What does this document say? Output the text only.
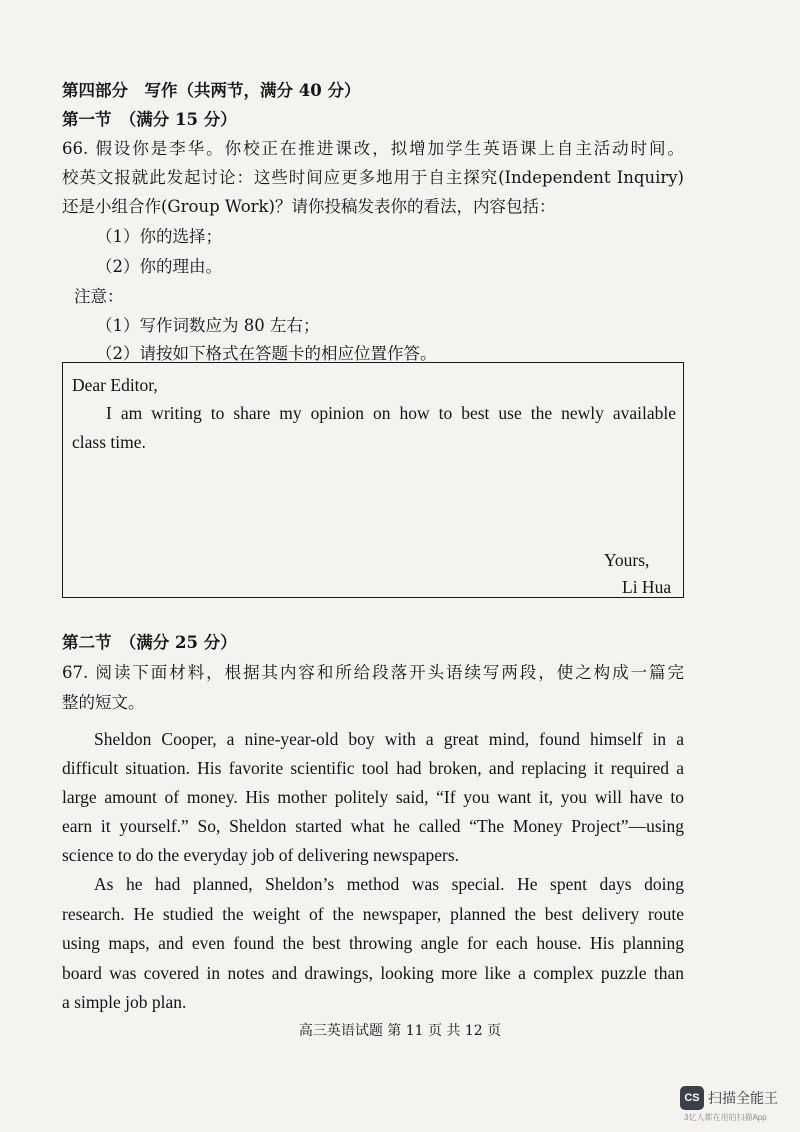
第四部分　写作（共两节，满分 40 分）
第一节　（满分 15 分）
66. 假设你是李华。你校正在推进课改，拟增加学生英语课上自主活动时间。
校英文报就此发起讨论：这些时间应更多地用于自主探究(Independent Inquiry)
还是小组合作(Group Work)？请你投稿发表你的看法，内容包括：
（1）你的选择；
（2）你的理由。
注意：
（1）写作词数应为 80 左右；
（2）请按如下格式在答题卡的相应位置作答。
Dear Editor,
I am writing to share my opinion on how to best use the newly available
class time.
Yours,
Li Hua
第二节　（满分 25 分）
67. 阅读下面材料，根据其内容和所给段落开头语续写两段，使之构成一篇完
整的短文。
Sheldon Cooper, a nine-year-old boy with a great mind, found himself in a
difficult situation. His favorite scientific tool had broken, and replacing it required a
large amount of money. His mother politely said, “If you want it, you will have to
earn it yourself.” So, Sheldon started what he called “The Money Project”—using
science to do the everyday job of delivering newspapers.
As he had planned, Sheldon’s method was special. He spent days doing
research. He studied the weight of the newspaper, planned the best delivery route
using maps, and even found the best throwing angle for each house. His planning
board was covered in notes and drawings, looking more like a complex puzzle than
a simple job plan.
高三英语试题 第 11 页 共 12 页
CS 扫描全能王
3亿人都在用的扫描App
